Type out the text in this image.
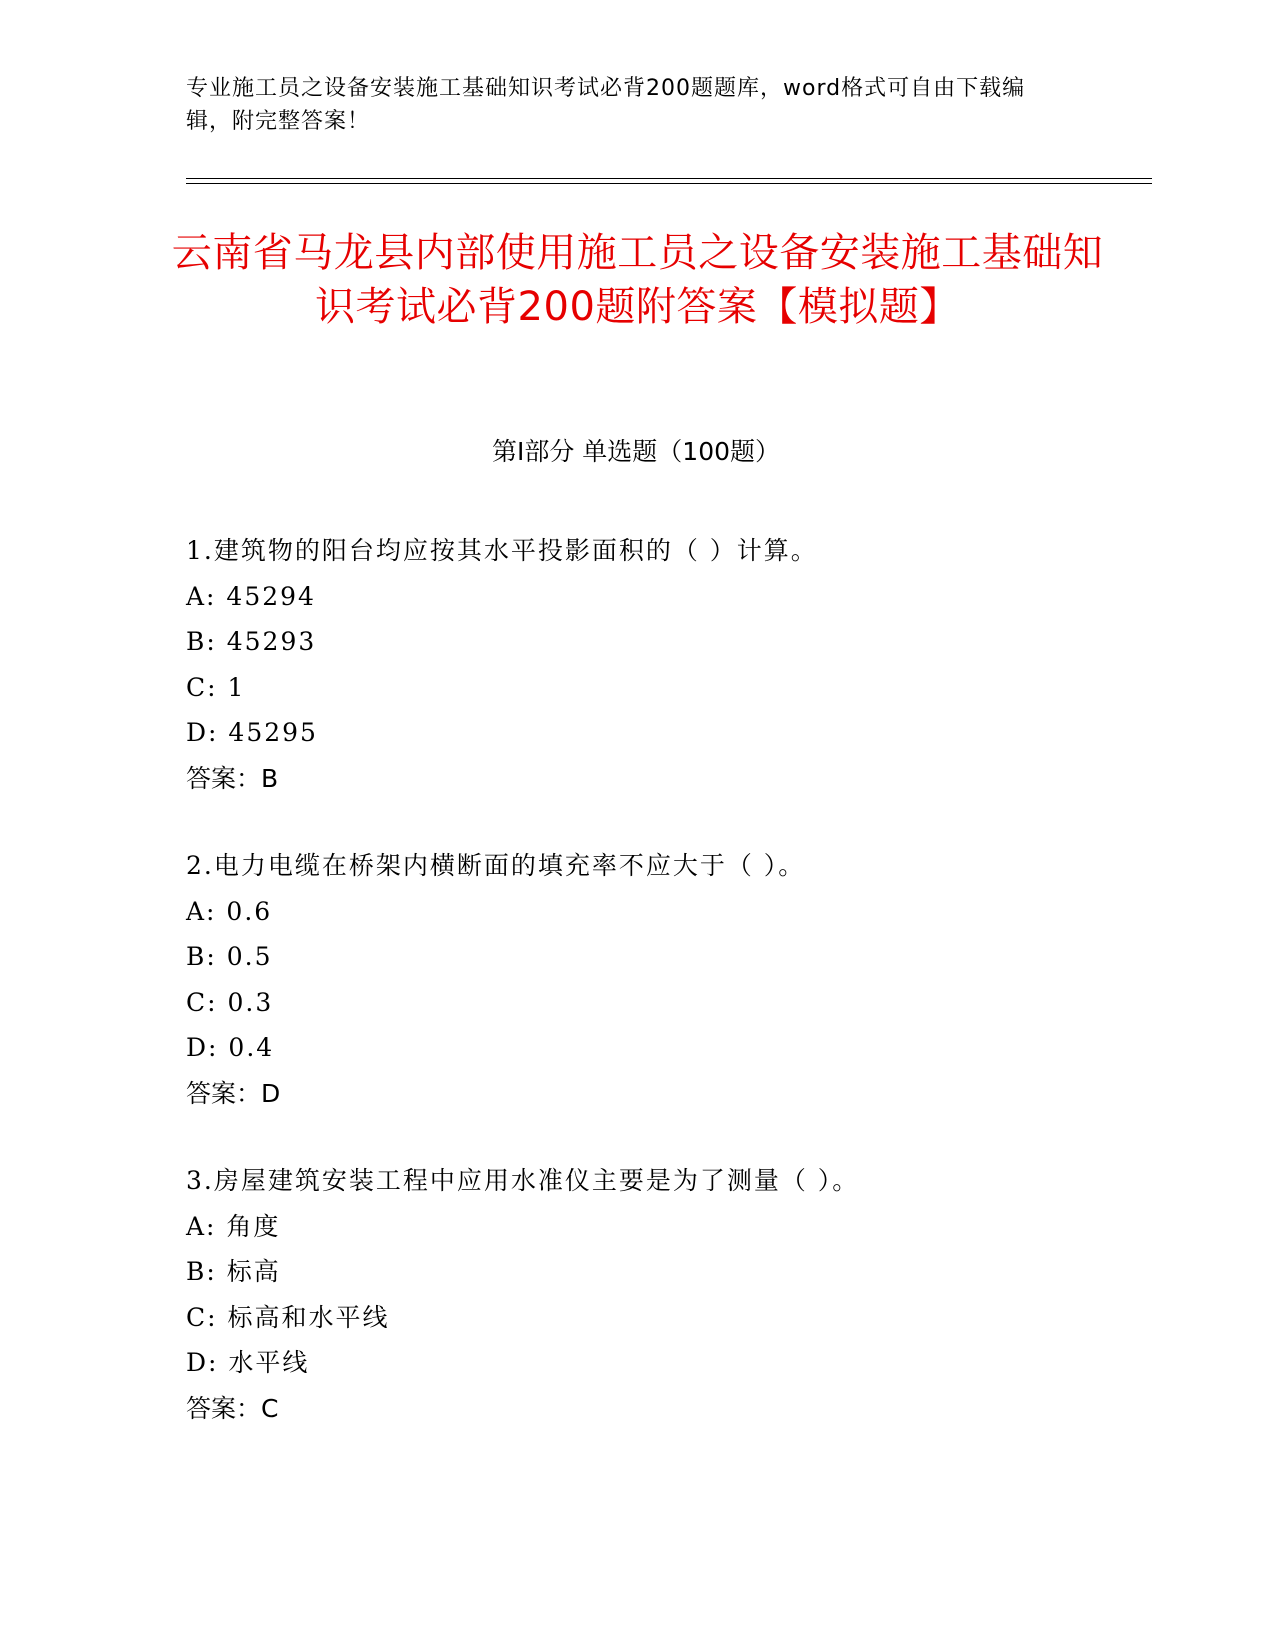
专业施工员之设备安装施工基础知识考试必背200题题库，word格式可自由下载编辑，附完整答案！
云南省马龙县内部使用施工员之设备安装施工基础知识考试必背200题附答案【模拟题】
第Ⅰ部分 单选题（100题）
1.建筑物的阳台均应按其水平投影面积的（ ）计算。
A: 45294
B: 45293
C: 1
D: 45295
答案：B
2.电力电缆在桥架内横断面的填充率不应大于（ ）。
A: 0.6
B: 0.5
C: 0.3
D: 0.4
答案：D
3.房屋建筑安装工程中应用水准仪主要是为了测量（ ）。
A: 角度
B: 标高
C: 标高和水平线
D: 水平线
答案：C
